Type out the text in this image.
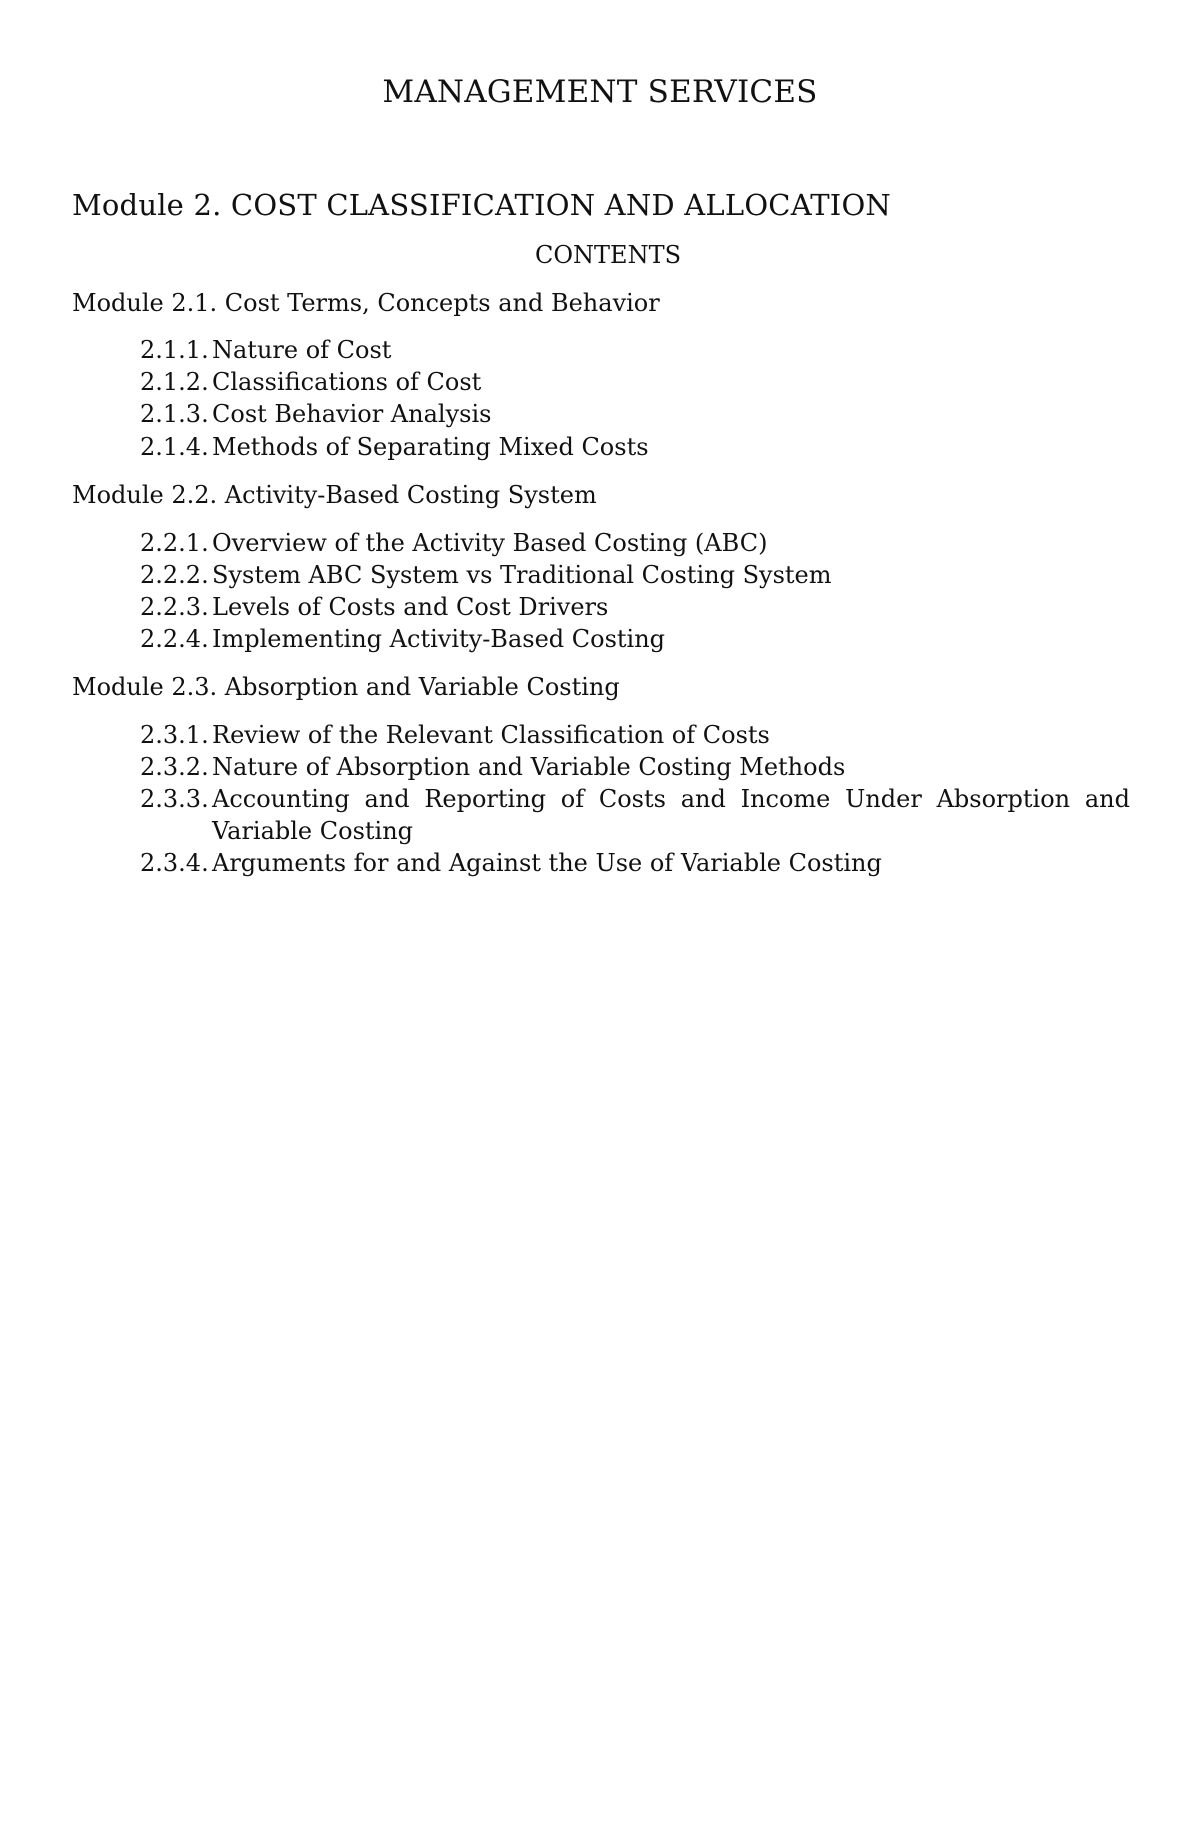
MANAGEMENT SERVICES
Module 2. COST CLASSIFICATION AND ALLOCATION
CONTENTS
Module 2.1. Cost Terms, Concepts and Behavior
2.1.1. Nature of Cost
2.1.2. Classifications of Cost
2.1.3. Cost Behavior Analysis
2.1.4. Methods of Separating Mixed Costs
Module 2.2. Activity-Based Costing System
2.2.1. Overview of the Activity Based Costing (ABC)
2.2.2. System ABC System vs Traditional Costing System
2.2.3. Levels of Costs and Cost Drivers
2.2.4. Implementing Activity-Based Costing
Module 2.3. Absorption and Variable Costing
2.3.1. Review of the Relevant Classification of Costs
2.3.2. Nature of Absorption and Variable Costing Methods
2.3.3. Accounting and Reporting of Costs and Income Under Absorption and Variable Costing
2.3.4. Arguments for and Against the Use of Variable Costing
